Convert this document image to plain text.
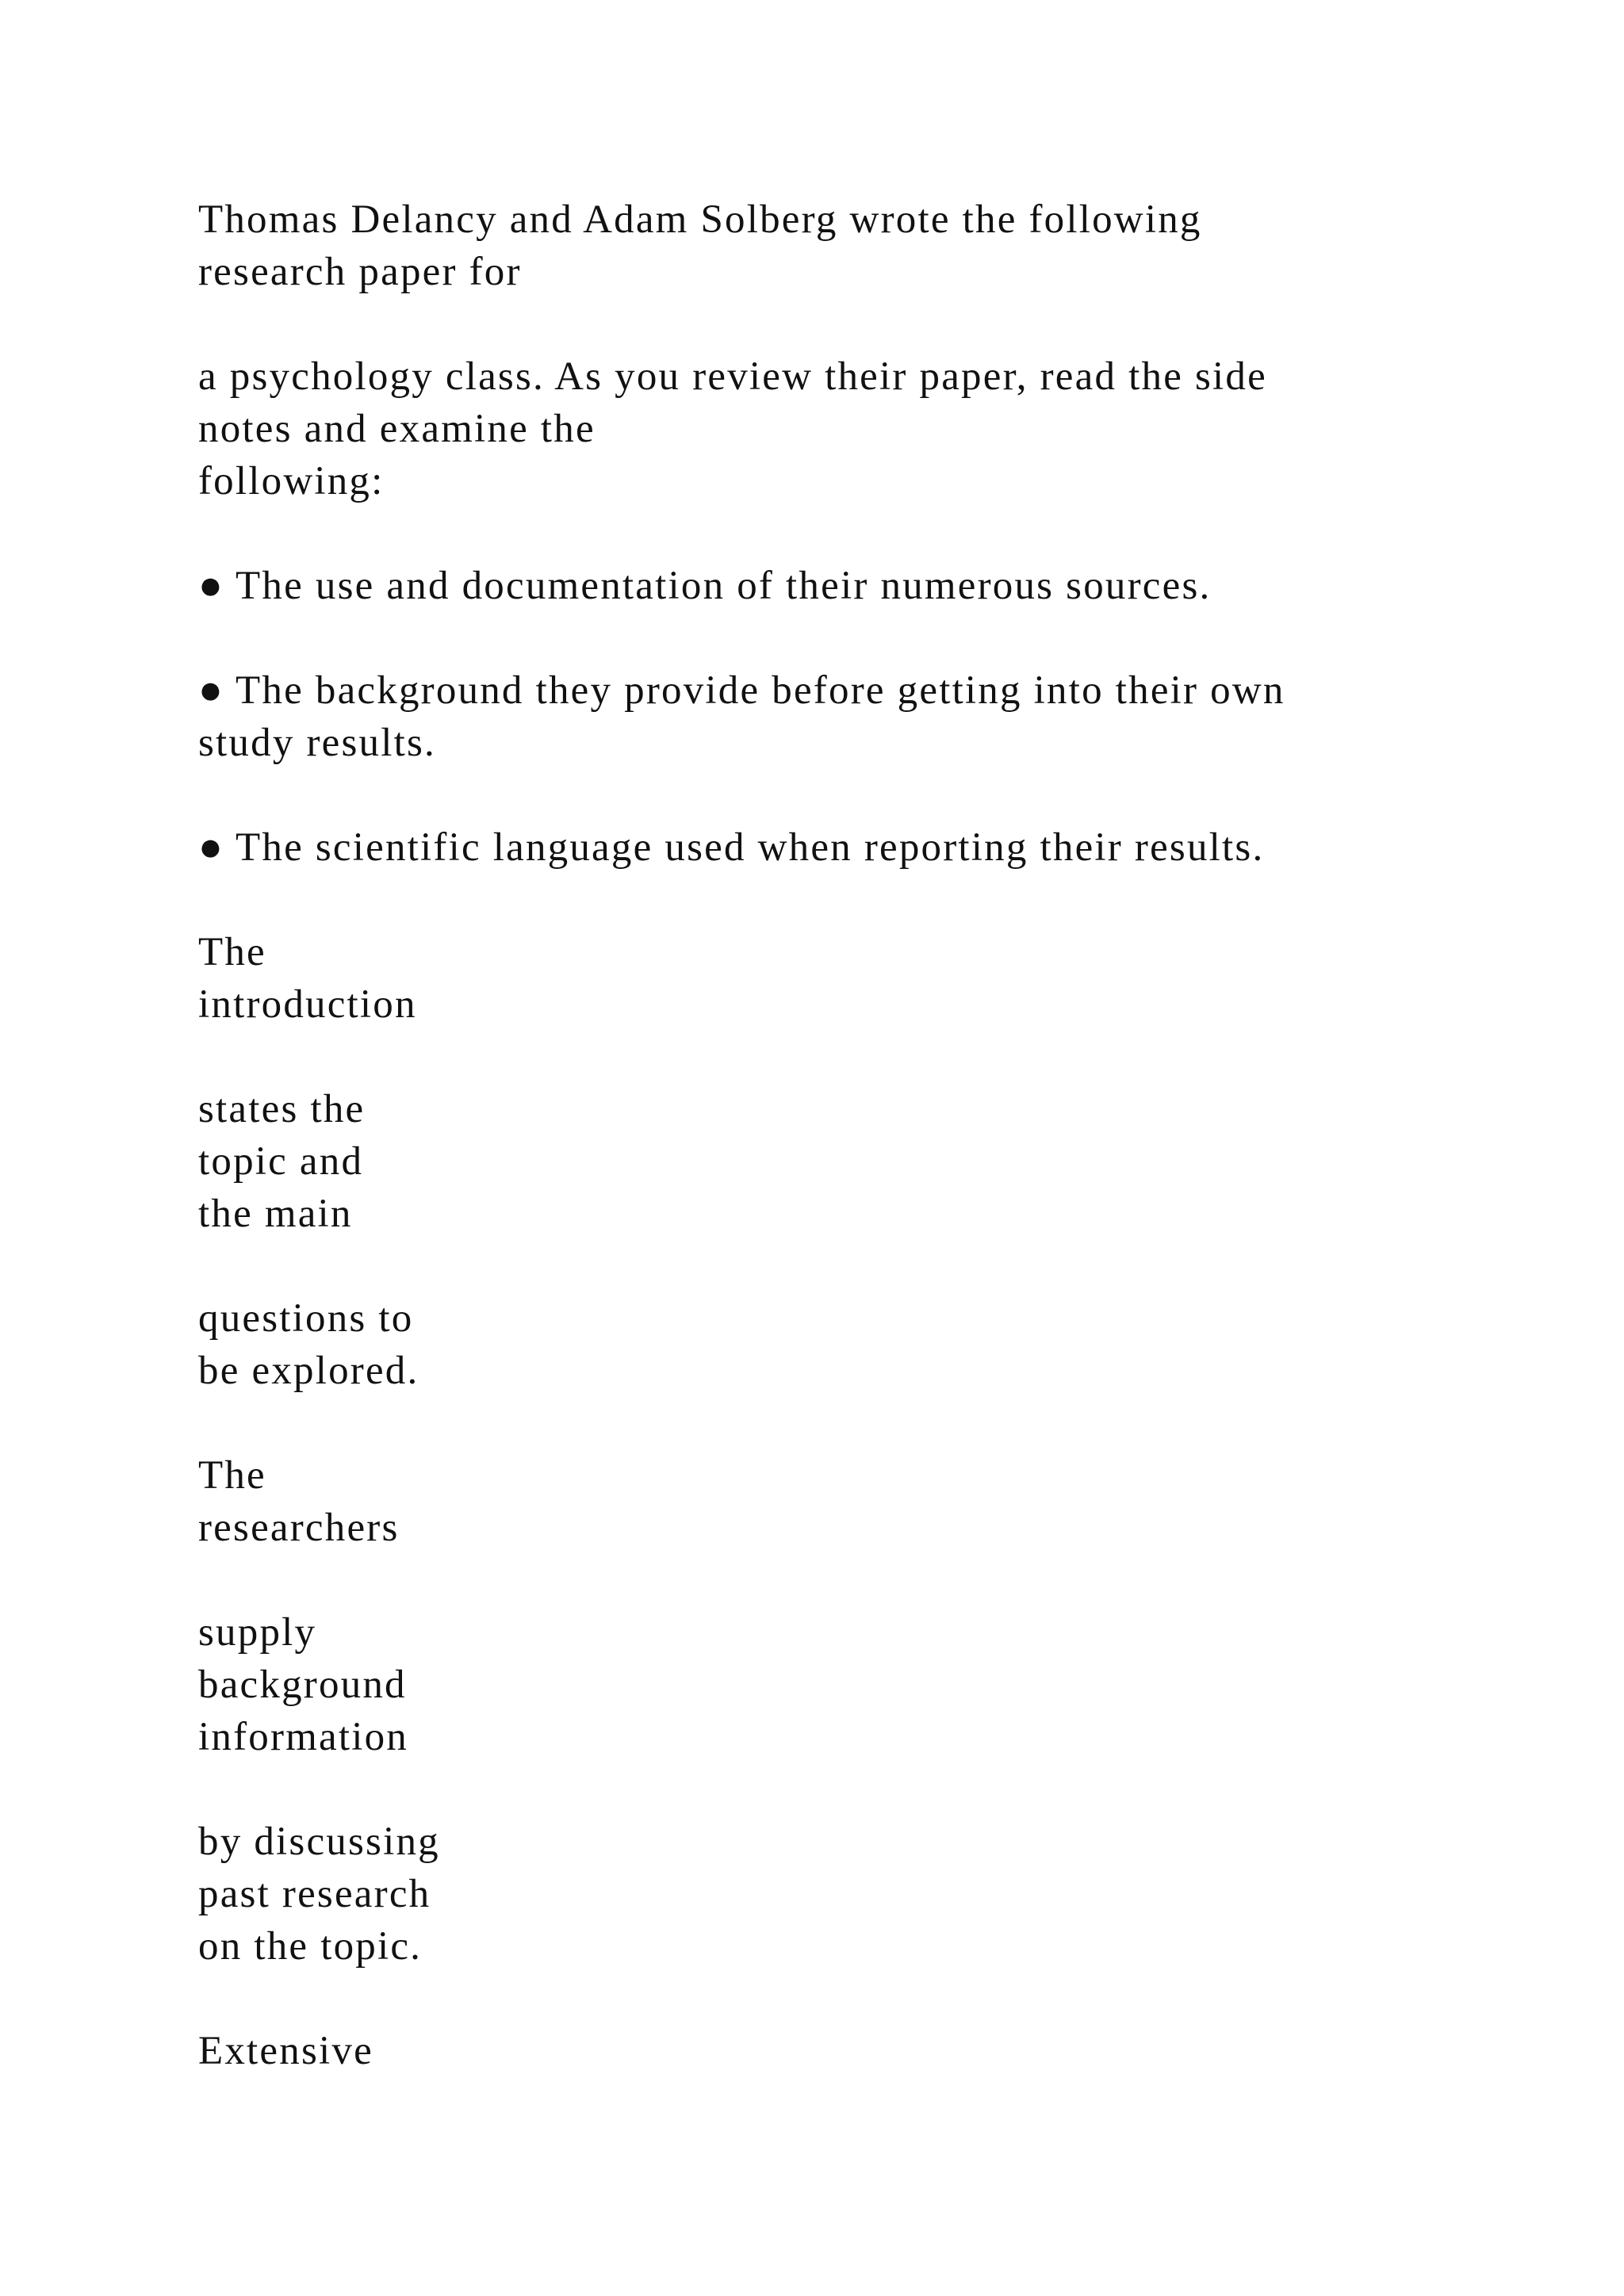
Thomas Delancy and Adam Solberg wrote the following
research paper for
a psychology class. As you review their paper, read the side
notes and examine the
following:
● The use and documentation of their numerous sources.
● The background they provide before getting into their own
study results.
● The scientific language used when reporting their results.
The
introduction
states the
topic and
the main
questions to
be explored.
The
researchers
supply
background
information
by discussing
past research
on the topic.
Extensive
